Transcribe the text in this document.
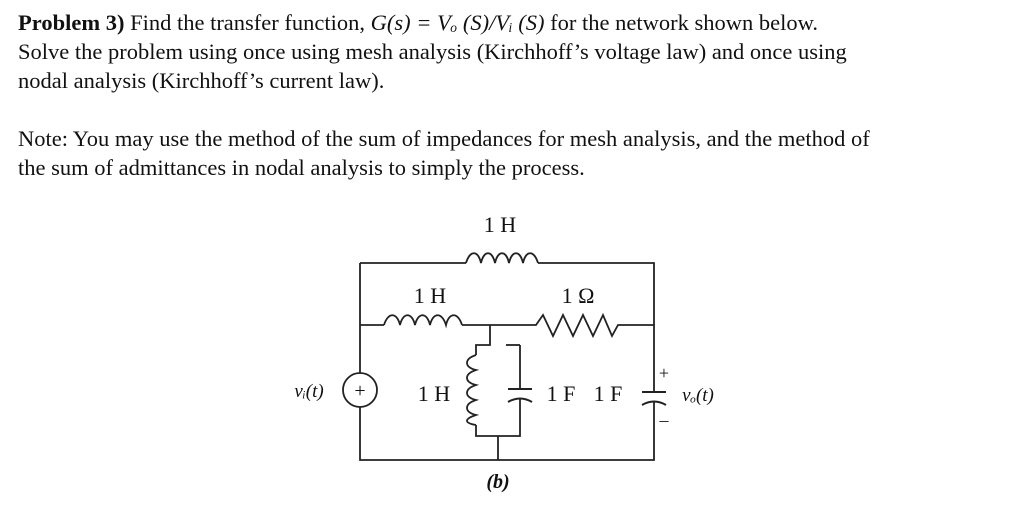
Problem 3) Find the transfer function, G(s) = Vₒ (S)/Vᵢ (S) for the network shown below.
Solve the problem using once using mesh analysis (Kirchhoff’s voltage law) and once using
nodal analysis (Kirchhoff’s current law).
Note: You may use the method of the sum of impedances for mesh analysis, and the method of
the sum of admittances in nodal analysis to simply the process.
1 H
1 H	1 Ω
1 H	1 F 1 F
+
vᵢ(t)
+
–
vₒ(t)
(b)
